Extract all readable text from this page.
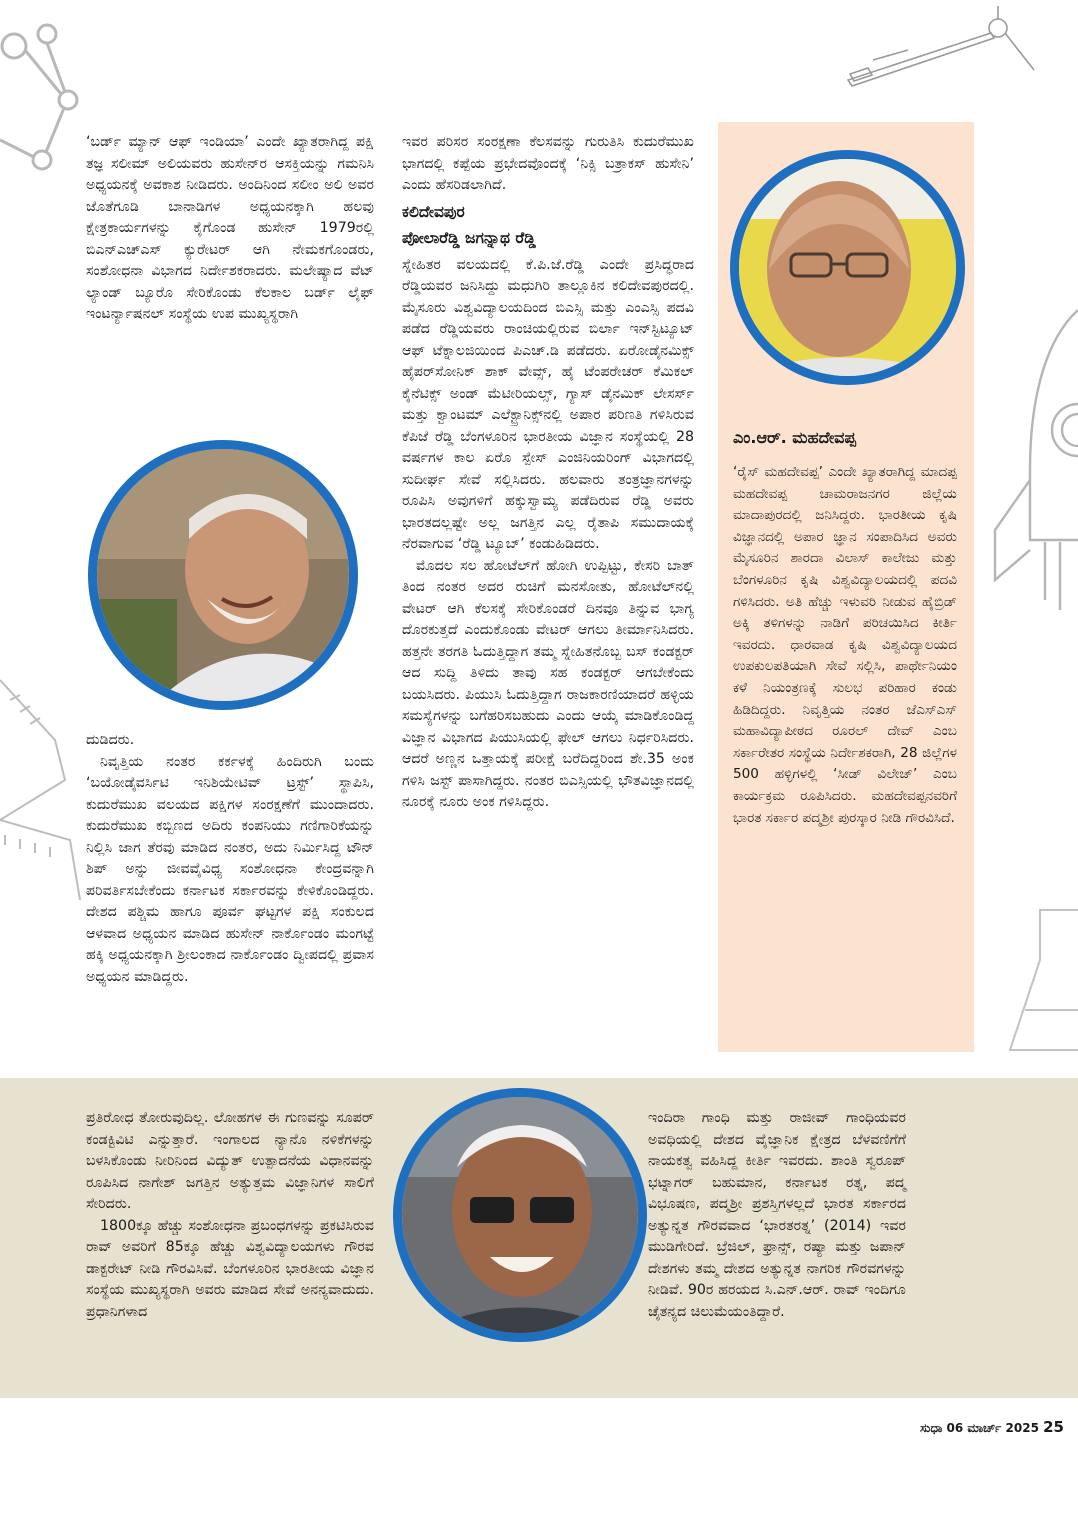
‘ಬರ್ಡ್ ಮ್ಯಾನ್ ಆಫ್ ಇಂಡಿಯಾ’ ಎಂದೇ ಖ್ಯಾತರಾಗಿದ್ದ ಪಕ್ಷಿ ತಜ್ಞ ಸಲೀಮ್ ಅಲಿಯವರು ಹುಸೇನ್‌ರ ಆಸಕ್ತಿಯನ್ನು ಗಮನಿಸಿ ಅಧ್ಯಯನಕ್ಕೆ ಅವಕಾಶ ನೀಡಿದರು. ಅಂದಿನಿಂದ ಸಲೀಂ ಅಲಿ ಅವರ ಜೊತೆಗೂಡಿ ಬಾನಾಡಿಗಳ ಅಧ್ಯಯನಕ್ಕಾಗಿ ಹಲವು ಕ್ಷೇತ್ರಕಾರ್ಯಗಳನ್ನು ಕೈಗೊಂಡ ಹುಸೇನ್ 1979ರಲ್ಲಿ ಬಿಎನ್‌ಎಚ್‌ಎಸ್ ಕ್ಯುರೇಟರ್ ಆಗಿ ನೇಮಕಗೊಂಡರು, ಸಂಶೋಧನಾ ವಿಭಾಗದ ನಿರ್ದೇಶಕರಾದರು. ಮಲೇಷ್ಯಾದ ವೆಟ್ ಲ್ಯಾಂಡ್ ಬ್ಯೂರೊ ಸೇರಿಕೊಂಡು ಕೆಲಕಾಲ ಬರ್ಡ್ ಲೈಫ್ ಇಂಟರ್ನ್ಯಾಷನಲ್ ಸಂಸ್ಥೆಯ ಉಪ ಮುಖ್ಯಸ್ಥರಾಗಿ

ದುಡಿದರು.

ನಿವೃತ್ತಿಯ ನಂತರ ಕರ್ಕಳಕ್ಕೆ ಹಿಂದಿರುಗಿ ಬಂದು ‘ಬಯೋಡೈವರ್ಸಿಟಿ ಇನಿಶಿಯೇಟಿವ್ ಟ್ರಸ್ಟ್’ ಸ್ಥಾಪಿಸಿ, ಕುದುರೆಮುಖ ವಲಯದ ಪಕ್ಷಿಗಳ ಸಂರಕ್ಷಣೆಗೆ ಮುಂದಾದರು. ಕುದುರೆಮುಖ ಕಬ್ಬಿಣದ ಅದಿರು ಕಂಪನಿಯು ಗಣಿಗಾರಿಕೆಯನ್ನು ನಿಲ್ಲಿಸಿ ಜಾಗ ತೆರವು ಮಾಡಿದ ನಂತರ, ಅದು ನಿರ್ಮಿಸಿದ್ದ ಟೌನ್ ಶಿಪ್ ಅನ್ನು ಜೀವವೈವಿಧ್ಯ ಸಂಶೋಧನಾ ಕೇಂದ್ರವನ್ನಾಗಿ ಪರಿವರ್ತಿಸಬೇಕೆಂದು ಕರ್ನಾಟಕ ಸರ್ಕಾರವನ್ನು ಕೇಳಿಕೊಂಡಿದ್ದರು. ದೇಶದ ಪಶ್ಚಿಮ ಹಾಗೂ ಪೂರ್ವ ಘಟ್ಟಗಳ ಪಕ್ಷಿ ಸಂಕುಲದ ಆಳವಾದ ಅಧ್ಯಯನ ಮಾಡಿದ ಹುಸೇನ್ ನಾರ್ಕೊಂಡಂ ಮಂಗಟ್ಟೆ ಹಕ್ಕಿ ಅಧ್ಯಯನಕ್ಕಾಗಿ ಶ್ರೀಲಂಕಾದ ನಾರ್ಕೊಂಡಂ ದ್ವೀಪದಲ್ಲಿ ಪ್ರವಾಸ ಅಧ್ಯಯನ ಮಾಡಿದ್ದರು.

ಇವರ ಪರಿಸರ ಸಂರಕ್ಷಣಾ ಕೆಲಸವನ್ನು ಗುರುತಿಸಿ ಕುದುರೆಮುಖ ಭಾಗದಲ್ಲಿ ಕಪ್ಪೆಯ ಪ್ರಭೇದವೊಂದಕ್ಕೆ ‘ನಿಕ್ಸಿ ಬತ್ರಾಕಸ್ ಹುಸೇನಿ’ ಎಂದು ಹೆಸರಿಡಲಾಗಿದೆ.

ಕಲಿದೇವಪುರ
ಪೋಲಾರೆಡ್ಡಿ ಜಗನ್ನಾಥ ರೆಡ್ಡಿ

ಸ್ನೇಹಿತರ ವಲಯದಲ್ಲಿ ಕೆ.ಪಿ.ಜೆ.ರೆಡ್ಡಿ ಎಂದೇ ಪ್ರಸಿದ್ಧರಾದ ರೆಡ್ಡಿಯವರ ಜನಿಸಿದ್ದು ಮಧುಗಿರಿ ತಾಲ್ಲೂಕಿನ ಕಲಿದೇವಪುರದಲ್ಲಿ. ಮೈಸೂರು ವಿಶ್ವವಿದ್ಯಾಲಯದಿಂದ ಬಿಎಸ್ಸಿ ಮತ್ತು ಎಂಎಸ್ಸಿ ಪದವಿ ಪಡೆದ ರೆಡ್ಡಿಯವರು ರಾಂಚಿಯಲ್ಲಿರುವ ಬಿರ್ಲಾ ಇನ್‌ಸ್ಟಿಟ್ಯೂಟ್ ಆಫ್ ಟೆಕ್ನಾಲಜಿಯಿಂದ ಪಿಎಚ್.ಡಿ ಪಡೆದರು. ಏರೋಡೈನಮಿಕ್ಸ್ ಹೈಪರ್‌ಸೋನಿಕ್ ಶಾಕ್ ವೇವ್ಸ್, ಹೈ ಟೆಂಪರೇಚರ್ ಕೆಮಿಕಲ್ ಕೈನೆಟಿಕ್ಸ್ ಅಂಡ್ ಮೆಟೀರಿಯಲ್ಸ್, ಗ್ಯಾಸ್ ಡೈನಮಿಕ್ ಲೇಸರ್ಸ್ ಮತ್ತು ಕ್ವಾಂಟಮ್ ಎಲೆಕ್ಟ್ರಾನಿಕ್ಸ್‌ನಲ್ಲಿ ಅಪಾರ ಪರಿಣತಿ ಗಳಿಸಿರುವ ಕೆಪಿಜೆ ರೆಡ್ಡಿ ಬೆಂಗಳೂರಿನ ಭಾರತೀಯ ವಿಜ್ಞಾನ ಸಂಸ್ಥೆಯಲ್ಲಿ 28 ವರ್ಷಗಳ ಕಾಲ ಏರೊ ಸ್ಪೇಸ್ ಎಂಜಿನಿಯರಿಂಗ್ ವಿಭಾಗದಲ್ಲಿ ಸುದೀರ್ಘ ಸೇವೆ ಸಲ್ಲಿಸಿದರು. ಹಲವಾರು ತಂತ್ರಜ್ಞಾನಗಳನ್ನು ರೂಪಿಸಿ ಅವುಗಳಿಗೆ ಹಕ್ಕುಸ್ವಾಮ್ಯ ಪಡೆದಿರುವ ರೆಡ್ಡಿ ಅವರು ಭಾರತದಲ್ಲಷ್ಟೇ ಅಲ್ಲ ಜಗತ್ತಿನ ಎಲ್ಲ ರೈತಾಪಿ ಸಮುದಾಯಕ್ಕೆ ನೆರವಾಗುವ ‘ರೆಡ್ಡಿ ಟ್ಯೂಬ್’ ಕಂಡುಹಿಡಿದರು.

ಮೊದಲ ಸಲ ಹೋಟೆಲ್‌ಗೆ ಹೋಗಿ ಉಪ್ಪಿಟ್ಟು, ಕೇಸರಿ ಬಾತ್ ತಿಂದ ನಂತರ ಅದರ ರುಚಿಗೆ ಮನಸೋತು, ಹೋಟೆಲ್‌ನಲ್ಲಿ ವೇಟರ್ ಆಗಿ ಕೆಲಸಕ್ಕೆ ಸೇರಿಕೊಂಡರೆ ದಿನವೂ ತಿನ್ನುವ ಭಾಗ್ಯ ದೊರಕುತ್ತದೆ ಎಂದುಕೊಂಡು ವೇಟರ್ ಆಗಲು ತೀರ್ಮಾನಿಸಿದರು. ಹತ್ತನೇ ತರಗತಿ ಓದುತ್ತಿದ್ದಾಗ ತಮ್ಮ ಸ್ನೇಹಿತನೊಬ್ಬ ಬಸ್ ಕಂಡಕ್ಟರ್ ಆದ ಸುದ್ದಿ ತಿಳಿದು ತಾವು ಸಹ ಕಂಡಕ್ಟರ್ ಆಗಬೇಕೆಂದು ಬಯಸಿದರು. ಪಿಯುಸಿ ಓದುತ್ತಿದ್ದಾಗ ರಾಜಕಾರಣಿಯಾದರೆ ಹಳ್ಳಿಯ ಸಮಸ್ಯೆಗಳನ್ನು ಬಗೆಹರಿಸಬಹುದು ಎಂದು ಆಯ್ಕೆ ಮಾಡಿಕೊಂಡಿದ್ದ ವಿಜ್ಞಾನ ವಿಭಾಗದ ಪಿಯುಸಿಯಲ್ಲಿ ಫೇಲ್ ಆಗಲು ನಿರ್ಧರಿಸಿದರು. ಆದರೆ ಅಣ್ಣನ ಒತ್ತಾಯಕ್ಕೆ ಪರೀಕ್ಷೆ ಬರೆದಿದ್ದರಿಂದ ಶೇ.35 ಅಂಕ ಗಳಿಸಿ ಜಸ್ಟ್ ಪಾಸಾಗಿದ್ದರು. ನಂತರ ಬಿಎಸ್ಸಿಯಲ್ಲಿ ಭೌತವಿಜ್ಞಾನದಲ್ಲಿ ನೂರಕ್ಕೆ ನೂರು ಅಂಕ ಗಳಿಸಿದ್ದರು.

ಎಂ.ಆರ್. ಮಹದೇವಪ್ಪ

‘ರೈಸ್ ಮಹದೇವಪ್ಪ’ ಎಂದೇ ಖ್ಯಾತರಾಗಿದ್ದ ಮಾದಪ್ಪ ಮಹದೇವಪ್ಪ ಚಾಮರಾಜನಗರ ಜಿಲ್ಲೆಯ ಮಾದಾಪುರದಲ್ಲಿ ಜನಿಸಿದ್ದರು. ಭಾರತೀಯ ಕೃಷಿ ವಿಜ್ಞಾನದಲ್ಲಿ ಅಪಾರ ಜ್ಞಾನ ಸಂಪಾದಿಸಿದ ಅವರು ಮೈಸೂರಿನ ಶಾರದಾ ವಿಲಾಸ್ ಕಾಲೇಜು ಮತ್ತು ಬೆಂಗಳೂರಿನ ಕೃಷಿ ವಿಶ್ವವಿದ್ಯಾಲಯದಲ್ಲಿ ಪದವಿ ಗಳಿಸಿದರು. ಅತಿ ಹೆಚ್ಚು ಇಳುವರಿ ನೀಡುವ ಹೈಬ್ರಿಡ್ ಅಕ್ಕಿ ತಳಿಗಳನ್ನು ನಾಡಿಗೆ ಪರಿಚಯಿಸಿದ ಕೀರ್ತಿ ಇವರದು. ಧಾರವಾಡ ಕೃಷಿ ವಿಶ್ವವಿದ್ಯಾಲಯದ ಉಪಕುಲಪತಿಯಾಗಿ ಸೇವೆ ಸಲ್ಲಿಸಿ, ಪಾರ್ಥೇನಿಯಂ ಕಳೆ ನಿಯಂತ್ರಣಕ್ಕೆ ಸುಲಭ ಪರಿಹಾರ ಕಂಡು ಹಿಡಿದಿದ್ದರು. ನಿವೃತ್ತಿಯ ನಂತರ ಜೆಎಸ್‌ಎಸ್ ಮಹಾವಿದ್ಯಾಪೀಠದ ರೂರಲ್ ದೇವ್ ಎಂಬ ಸರ್ಕಾರೇತರ ಸಂಸ್ಥೆಯ ನಿರ್ದೇಶಕರಾಗಿ, 28 ಜಿಲ್ಲೆಗಳ 500 ಹಳ್ಳಿಗಳಲ್ಲಿ ‘ಸೀಡ್ ವಿಲೇಜ್’ ಎಂಬ ಕಾರ್ಯಕ್ರಮ ರೂಪಿಸಿದರು. ಮಹದೇವಪ್ಪನವರಿಗೆ ಭಾರತ ಸರ್ಕಾರ ಪದ್ಮಶ್ರೀ ಪುರಸ್ಕಾರ ನೀಡಿ ಗೌರವಿಸಿದೆ.

ಪ್ರತಿರೋಧ ತೋರುವುದಿಲ್ಲ. ಲೋಹಗಳ ಈ ಗುಣವನ್ನು ಸೂಪರ್ ಕಂಡಕ್ಟಿವಿಟಿ ಎನ್ನುತ್ತಾರೆ. ಇಂಗಾಲದ ನ್ಯಾನೊ ನಳಿಕೆಗಳನ್ನು ಬಳಸಿಕೊಂಡು ನೀರಿನಿಂದ ವಿದ್ಯುತ್ ಉತ್ಪಾದನೆಯ ವಿಧಾನವನ್ನು ರೂಪಿಸಿದ ನಾಗೇಶ್ ಜಗತ್ತಿನ ಅತ್ಯುತ್ತಮ ವಿಜ್ಞಾನಿಗಳ ಸಾಲಿಗೆ ಸೇರಿದರು.

1800ಕ್ಕೂ ಹೆಚ್ಚು ಸಂಶೋಧನಾ ಪ್ರಬಂಧಗಳನ್ನು ಪ್ರಕಟಿಸಿರುವ ರಾವ್ ಅವರಿಗೆ 85ಕ್ಕೂ ಹೆಚ್ಚು ವಿಶ್ವವಿದ್ಯಾಲಯಗಳು ಗೌರವ ಡಾಕ್ಟರೇಟ್ ನೀಡಿ ಗೌರವಿಸಿವೆ. ಬೆಂಗಳೂರಿನ ಭಾರತೀಯ ವಿಜ್ಞಾನ ಸಂಸ್ಥೆಯ ಮುಖ್ಯಸ್ಥರಾಗಿ ಅವರು ಮಾಡಿದ ಸೇವೆ ಅನನ್ಯವಾದುದು. ಪ್ರಧಾನಿಗಳಾದ

ಇಂದಿರಾ ಗಾಂಧಿ ಮತ್ತು ರಾಜೀವ್ ಗಾಂಧಿಯವರ ಅವಧಿಯಲ್ಲಿ ದೇಶದ ವೈಜ್ಞಾನಿಕ ಕ್ಷೇತ್ರದ ಬೆಳವಣಿಗೆಗೆ ನಾಯಕತ್ವ ವಹಿಸಿದ್ದ ಕೀರ್ತಿ ಇವರದು. ಶಾಂತಿ ಸ್ವರೂಪ್ ಭಟ್ನಾಗರ್ ಬಹುಮಾನ, ಕರ್ನಾಟಕ ರತ್ನ, ಪದ್ಮ ವಿಭೂಷಣ, ಪದ್ಮಶ್ರೀ ಪ್ರಶಸ್ತಿಗಳಲ್ಲದೆ ಭಾರತ ಸರ್ಕಾರದ ಅತ್ಯುನ್ನತ ಗೌರವವಾದ ‘ಭಾರತರತ್ನ’ (2014) ಇವರ ಮುಡಿಗೇರಿದೆ. ಬ್ರೆಜಿಲ್, ಫ್ರಾನ್ಸ್, ರಷ್ಯಾ ಮತ್ತು ಜಪಾನ್ ದೇಶಗಳು ತಮ್ಮ ದೇಶದ ಅತ್ಯುನ್ನತ ನಾಗರಿಕ ಗೌರವಗಳನ್ನು ನೀಡಿವೆ. 90ರ ಹರಯದ ಸಿ.ಎನ್.ಆರ್. ರಾವ್ ಇಂದಿಗೂ ಚೈತನ್ಯದ ಚಿಲುಮೆಯಂತಿದ್ದಾರೆ.

ಸುಧಾ 06 ಮಾರ್ಚ್ 2025 25
